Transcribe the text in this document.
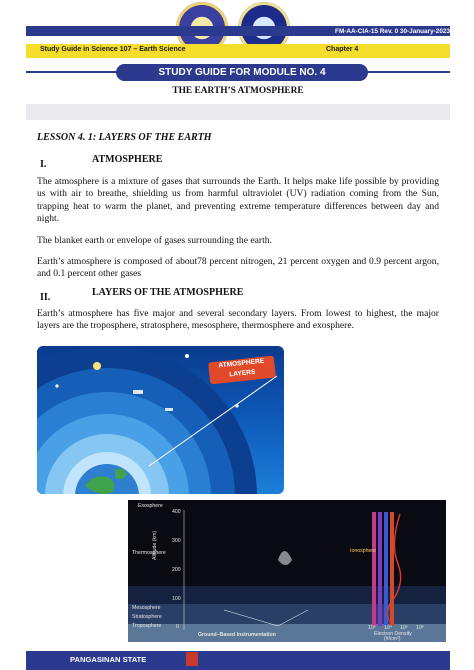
FM-AA-CIA-15 Rev. 0 30-January-2023
Study Guide in Science 107 – Earth Science	Chapter 4
STUDY GUIDE FOR MODULE NO. 4
THE EARTH’S ATMOSPHERE
LESSON 4. 1: LAYERS OF THE EARTH
I.	ATMOSPHERE
The atmosphere is a mixture of gases that surrounds the Earth. It helps make life possible by providing us with air to breathe, shielding us from harmful ultraviolet (UV) radiation coming from the Sun, trapping heat to warm the planet, and preventing extreme temperature differences between day and night.
The blanket earth or envelope of gases surrounding the earth.
Earth’s atmosphere is composed of about78 percent nitrogen, 21 percent oxygen and 0.9 percent argon, and 0.1 percent other gases
II.	LAYERS OF THE ATMOSPHERE
Earth’s atmosphere has five major and several secondary layers. From lowest to highest, the major layers are the troposphere, stratosphere, mesosphere, thermosphere and exosphere.
ATMOSPHERE LAYERS
Exosphere
Thermosphere
Mesosphere
Stratosphere
Troposphere
Ionosphere
Altitude (km)
400
300
200
100
0
Ground–Based Instrumentation
10³ 10⁴ 10⁵ 10⁶
Electron Density
(#/cm³)
PANGASINAN STATE
